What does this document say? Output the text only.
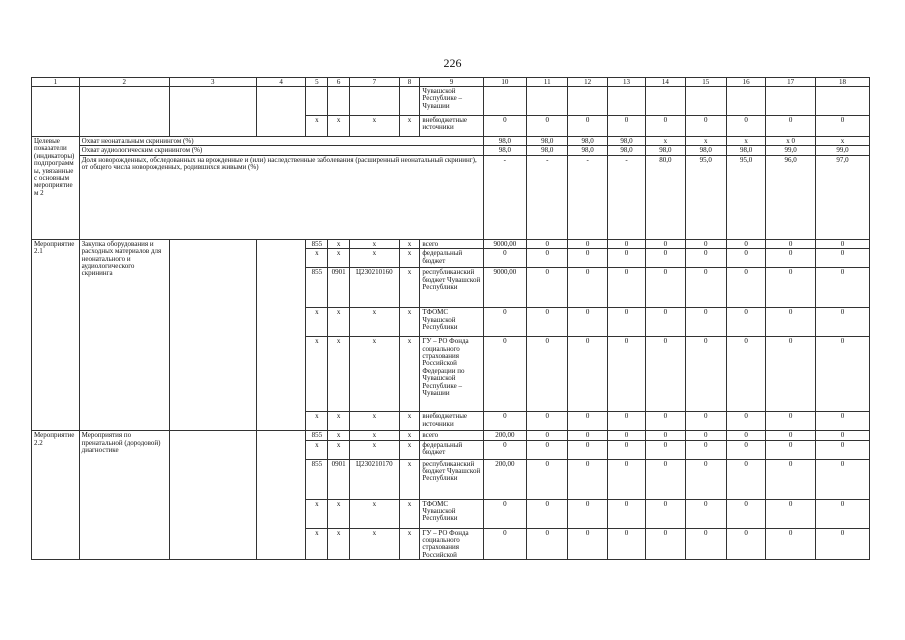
226
1	2	3	4	5	6	7	8	9	10	11	12	13	14	15	16	17	18
								Чувашской Республике – Чувашии									
				x	x	x	x	внебюджетные источники	0	0	0	0	0	0	0	0	0
Целевые показатели (индикаторы) подпрограммы, увязанные с основным мероприятием 2	Охват неонатальным скринингом (%)								98,0	98,0	98,0	98,0	x	x	x	x 0	x
	Охват аудиологическим скринингом (%)								98,0	98,0	98,0	98,0	98,0	98,0	98,0	99,0	99,0
	Доля новорожденных, обследованных на врожденные и (или) наследственные заболевания (расширенный неонатальный скрининг), от общего числа новорожденных, родившихся живыми (%)								-	-	-	-	80,0	95,0	95,0	96,0	97,0
Мероприятие 2.1	Закупка оборудования и расходных материалов для неонатального и аудиологического скрининга			855	x	x	x	всего	9000,00	0	0	0	0	0	0	0	0
				x	x	x	x	федеральный бюджет	0	0	0	0	0	0	0	0	0
				855	0901	Ц230210160	x	республиканский бюджет Чувашской Республики	9000,00	0	0	0	0	0	0	0	0
				x	x	x	x	ТФОМС Чувашской Республики	0	0	0	0	0	0	0	0	0
				x	x	x	x	ГУ – РО Фонда социального страхования Российской Федерации по Чувашской Республике – Чувашии	0	0	0	0	0	0	0	0	0
				x	x	x	x	внебюджетные источники	0	0	0	0	0	0	0	0	0
Мероприятие 2.2	Мероприятия по пренатальной (дородовой) диагностике			855	x	x	x	всего	200,00	0	0	0	0	0	0	0	0
				x	x	x	x	федеральный бюджет	0	0	0	0	0	0	0	0	0
				855	0901	Ц230210170	x	республиканский бюджет Чувашской Республики	200,00	0	0	0	0	0	0	0	0
				x	x	x	x	ТФОМС Чувашской Республики	0	0	0	0	0	0	0	0	0
				x	x	x	x	ГУ – РО Фонда социального страхования Российской	0	0	0	0	0	0	0	0	0
